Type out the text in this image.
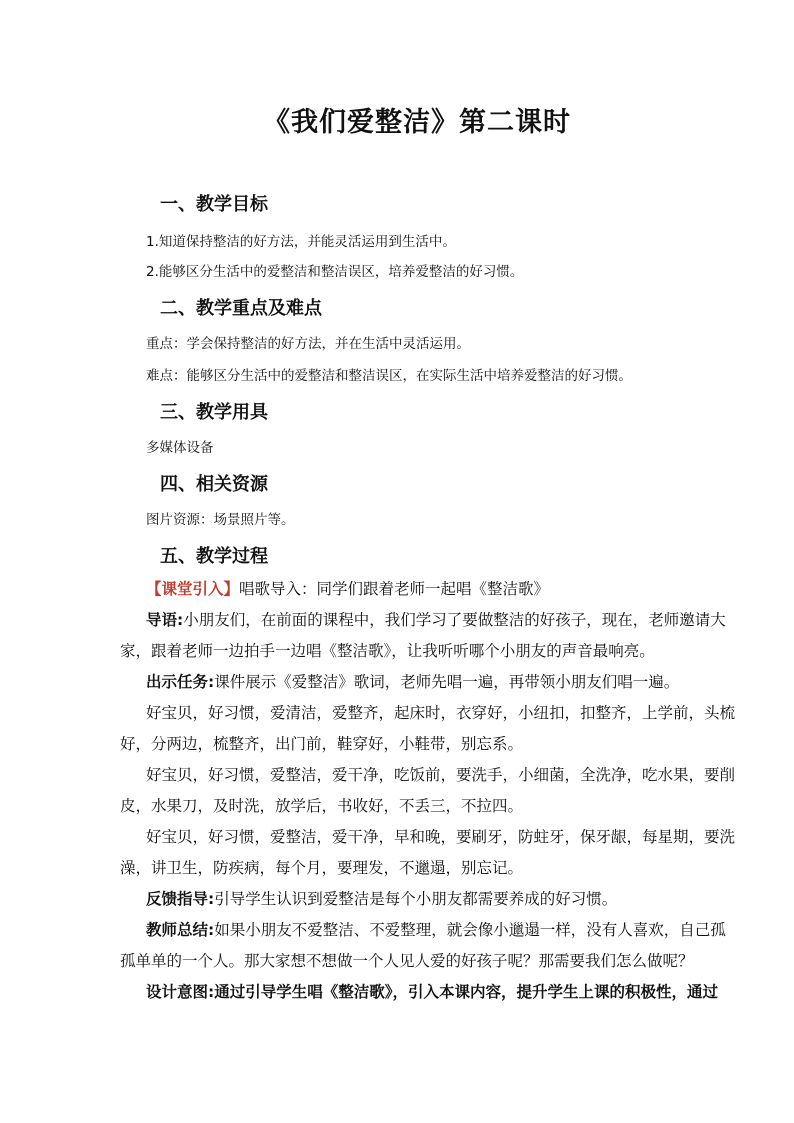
《我们爱整洁》第二课时
一、教学目标
1.知道保持整洁的好方法，并能灵活运用到生活中。
2.能够区分生活中的爱整洁和整洁误区，培养爱整洁的好习惯。
二、教学重点及难点
重点：学会保持整洁的好方法，并在生活中灵活运用。
难点：能够区分生活中的爱整洁和整洁误区，在实际生活中培养爱整洁的好习惯。
三、教学用具
多媒体设备
四、相关资源
图片资源：场景照片等。
五、教学过程
【课堂引入】唱歌导入：同学们跟着老师一起唱《整洁歌》
导语:小朋友们，在前面的课程中，我们学习了要做整洁的好孩子，现在，老师邀请大
家，跟着老师一边拍手一边唱《整洁歌》，让我听听哪个小朋友的声音最响亮。
出示任务:课件展示《爱整洁》歌词，老师先唱一遍，再带领小朋友们唱一遍。
好宝贝，好习惯，爱清洁，爱整齐，起床时，衣穿好，小纽扣，扣整齐，上学前，头梳
好，分两边，梳整齐，出门前，鞋穿好，小鞋带，别忘系。
好宝贝，好习惯，爱整洁，爱干净，吃饭前，要洗手，小细菌，全洗净，吃水果，要削
皮，水果刀，及时洗，放学后，书收好，不丢三，不拉四。
好宝贝，好习惯，爱整洁，爱干净，早和晚，要刷牙，防蛀牙，保牙龈，每星期，要洗
澡，讲卫生，防疾病，每个月，要理发，不邋遢，别忘记。
反馈指导:引导学生认识到爱整洁是每个小朋友都需要养成的好习惯。
教师总结:如果小朋友不爱整洁、不爱整理，就会像小邋遢一样，没有人喜欢，自己孤
孤单单的一个人。那大家想不想做一个人见人爱的好孩子呢？那需要我们怎么做呢？
设计意图:通过引导学生唱《整洁歌》，引入本课内容，提升学生上课的积极性，通过
